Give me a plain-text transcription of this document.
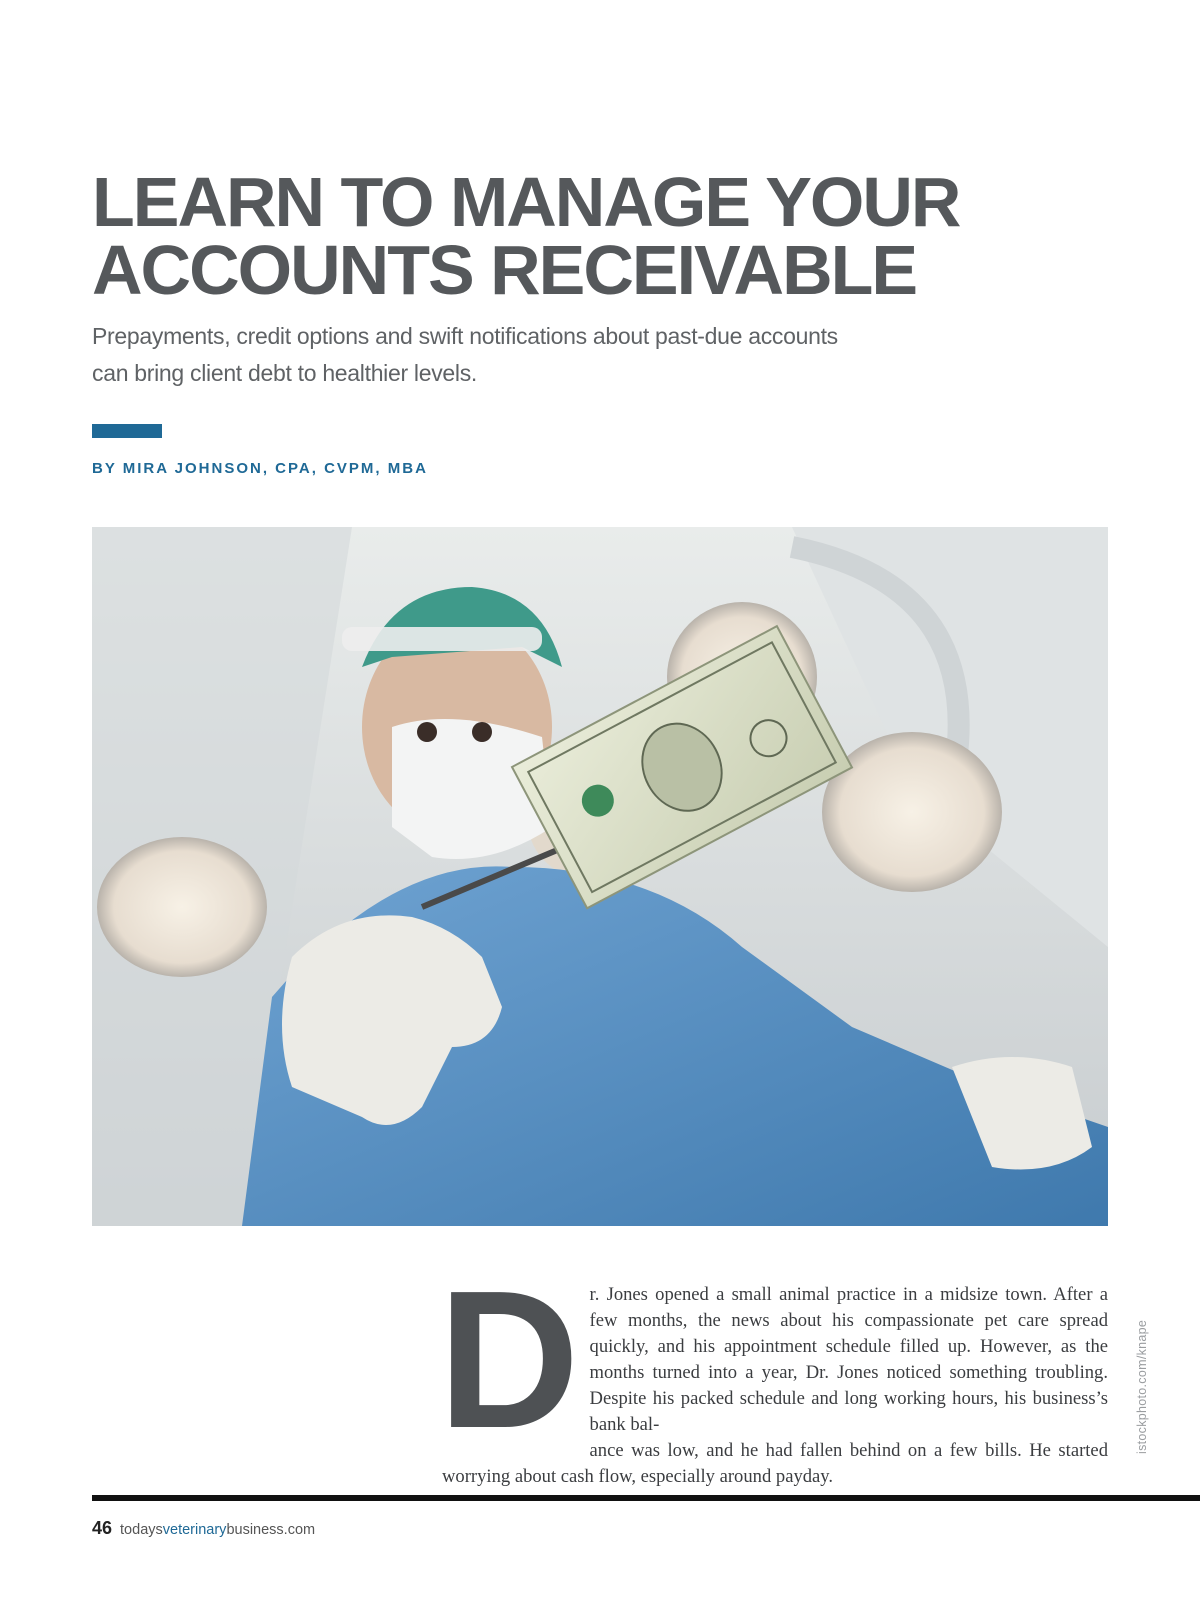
LEARN TO MANAGE YOUR
ACCOUNTS RECEIVABLE
Prepayments, credit options and swift notifications about past-due accounts
can bring client debt to healthier levels.
BY MIRA JOHNSON, CPA, CVPM, MBA
istockphoto.com/knape

Dr. Jones opened a small animal practice in a midsize town. After a few months, the news about his compassionate pet care spread quickly, and his appointment schedule filled up. However, as the months turned into a year, Dr. Jones noticed something troubling. Despite his packed schedule and long working hours, his business’s bank bal-
ance was low, and he had fallen behind on a few bills. He started worrying about cash flow, especially around payday.

46 todaysveterinarybusiness.com
